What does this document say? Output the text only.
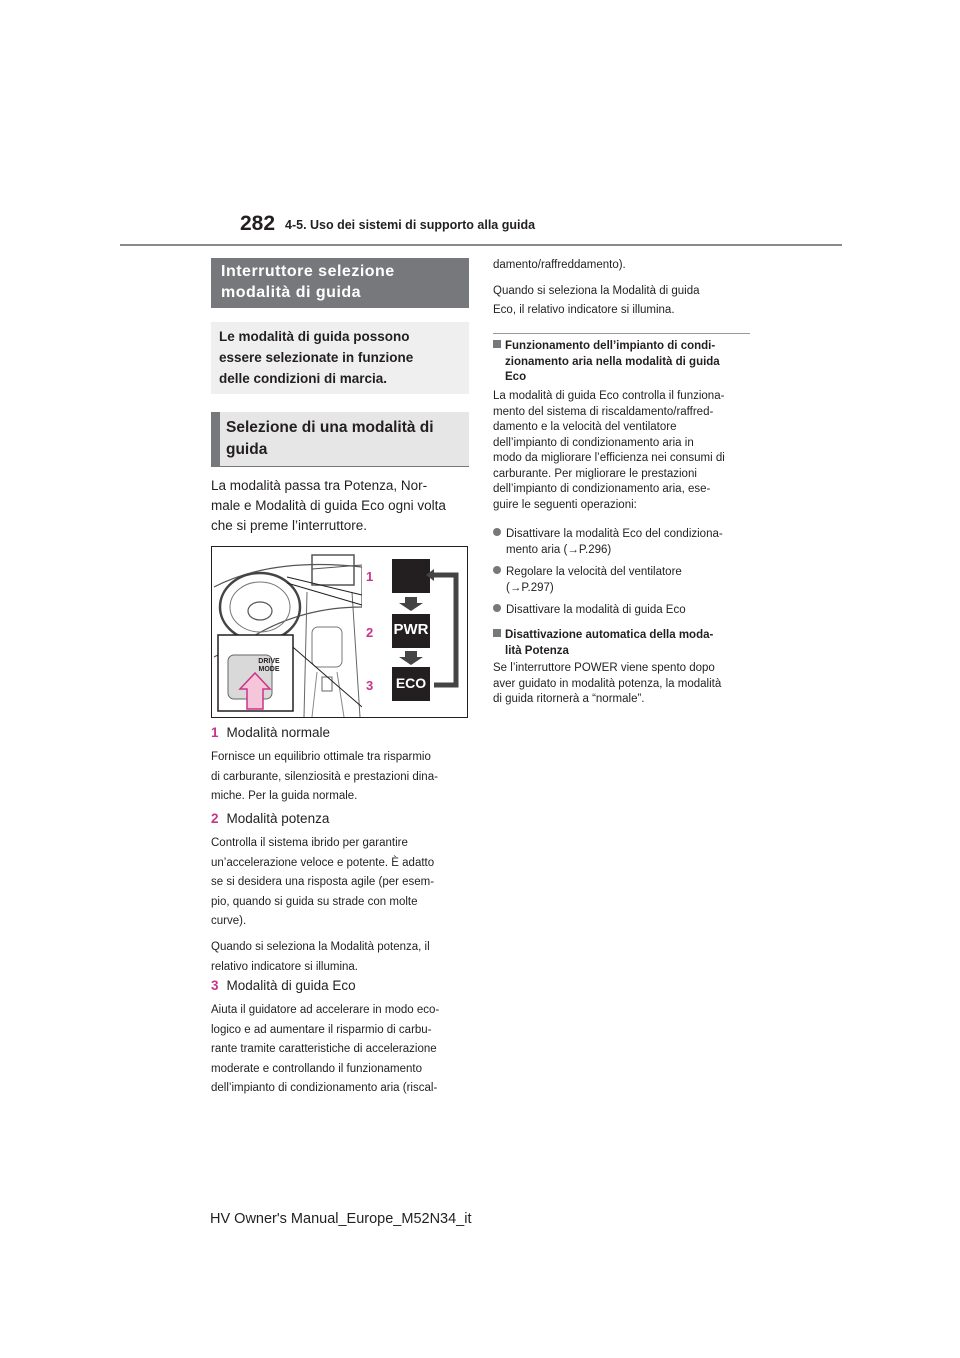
282 4-5. Uso dei sistemi di supporto alla guida
Interruttore selezione
modalità di guida
Le modalità di guida possono
essere selezionate in funzione
delle condizioni di marcia.
Selezione di una modalità di
guida
La modalità passa tra Potenza, Nor-
male e Modalità di guida Eco ogni volta
che si preme l’interruttore.
DRIVE
MODE
1
2
3
PWR
ECO
1 Modalità normale
Fornisce un equilibrio ottimale tra risparmio
di carburante, silenziosità e prestazioni dina-
miche. Per la guida normale.
2 Modalità potenza
Controlla il sistema ibrido per garantire
un’accelerazione veloce e potente. È adatto
se si desidera una risposta agile (per esem-
pio, quando si guida su strade con molte
curve).
Quando si seleziona la Modalità potenza, il
relativo indicatore si illumina.
3 Modalità di guida Eco
Aiuta il guidatore ad accelerare in modo eco-
logico e ad aumentare il risparmio di carbu-
rante tramite caratteristiche di accelerazione
moderate e controllando il funzionamento
dell’impianto di condizionamento aria (riscal-
damento/raffreddamento).
Quando si seleziona la Modalità di guida
Eco, il relativo indicatore si illumina.
Funzionamento dell’impianto di condi-
zionamento aria nella modalità di guida
Eco
La modalità di guida Eco controlla il funziona-
mento del sistema di riscaldamento/raffred-
damento e la velocità del ventilatore
dell’impianto di condizionamento aria in
modo da migliorare l’efficienza nei consumi di
carburante. Per migliorare le prestazioni
dell’impianto di condizionamento aria, ese-
guire le seguenti operazioni:
Disattivare la modalità Eco del condiziona-
mento aria (→P.296)
Regolare la velocità del ventilatore
(→P.297)
Disattivare la modalità di guida Eco
Disattivazione automatica della moda-
lità Potenza
Se l’interruttore POWER viene spento dopo
aver guidato in modalità potenza, la modalità
di guida ritornerà a “normale”.
HV Owner's Manual_Europe_M52N34_it
